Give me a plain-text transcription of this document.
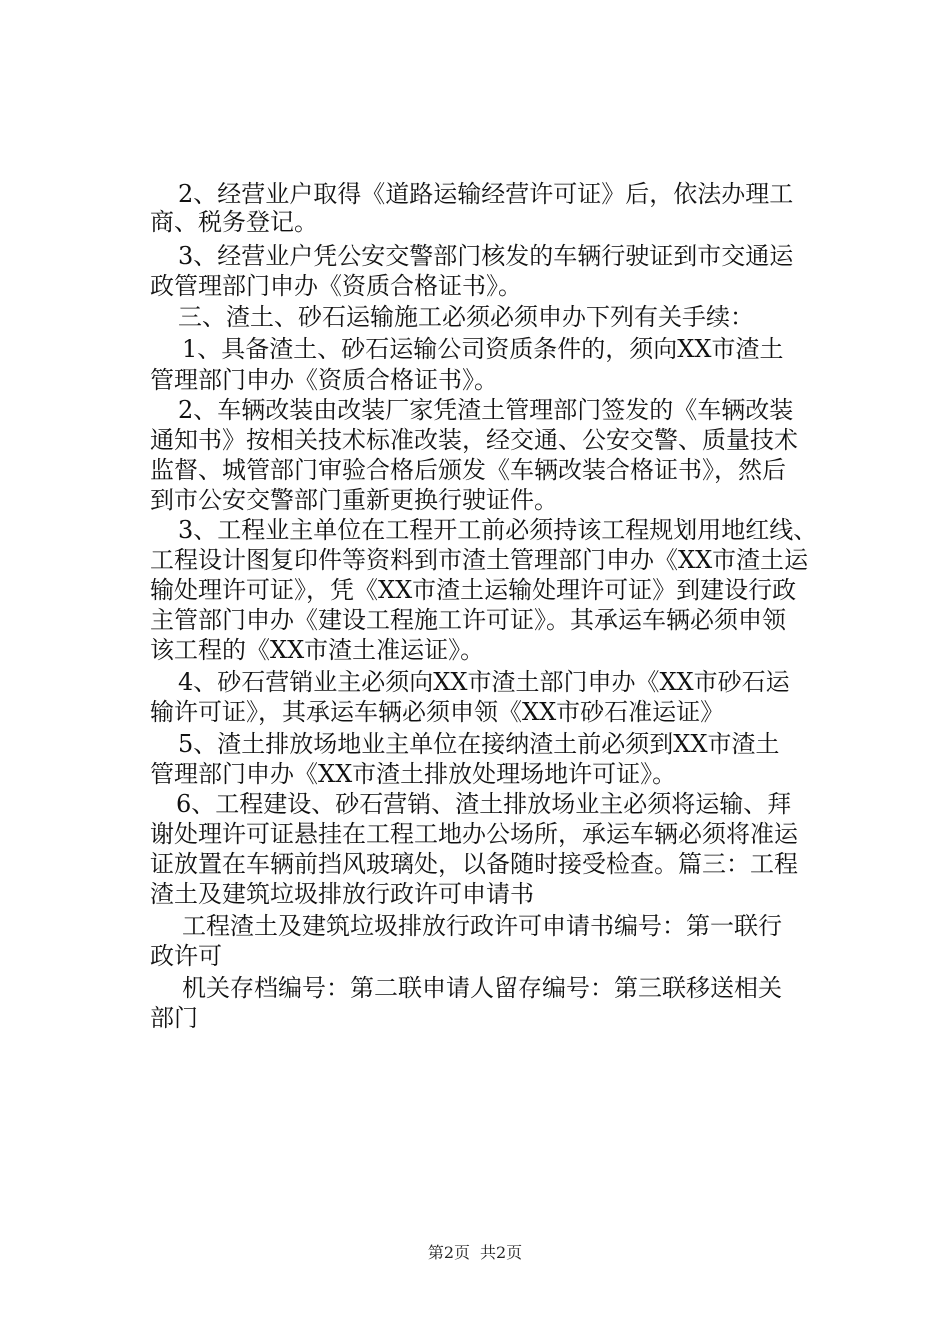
2、经营业户取得《道路运输经营许可证》后，依法办理工
商、税务登记。
3、经营业户凭公安交警部门核发的车辆行驶证到市交通运
政管理部门申办《资质合格证书》。
三、渣土、砂石运输施工必须必须申办下列有关手续：
1、具备渣土、砂石运输公司资质条件的，须向XX市渣土
管理部门申办《资质合格证书》。
2、车辆改装由改装厂家凭渣土管理部门签发的《车辆改装
通知书》按相关技术标准改装，经交通、公安交警、质量技术
监督、城管部门审验合格后颁发《车辆改装合格证书》，然后
到市公安交警部门重新更换行驶证件。
3、工程业主单位在工程开工前必须持该工程规划用地红线、
工程设计图复印件等资料到市渣土管理部门申办《XX市渣土运
输处理许可证》，凭《XX市渣土运输处理许可证》到建设行政
主管部门申办《建设工程施工许可证》。其承运车辆必须申领
该工程的《XX市渣土准运证》。
4、砂石营销业主必须向XX市渣土部门申办《XX市砂石运
输许可证》，其承运车辆必须申领《XX市砂石准运证》
5、渣土排放场地业主单位在接纳渣土前必须到XX市渣土
管理部门申办《XX市渣土排放处理场地许可证》。
6、工程建设、砂石营销、渣土排放场业主必须将运输、拜
谢处理许可证悬挂在工程工地办公场所，承运车辆必须将准运
证放置在车辆前挡风玻璃处，以备随时接受检查。篇三：工程
渣土及建筑垃圾排放行政许可申请书
工程渣土及建筑垃圾排放行政许可申请书编号：第一联行
政许可
机关存档编号：第二联申请人留存编号：第三联移送相关
部门
第2页 共2页
